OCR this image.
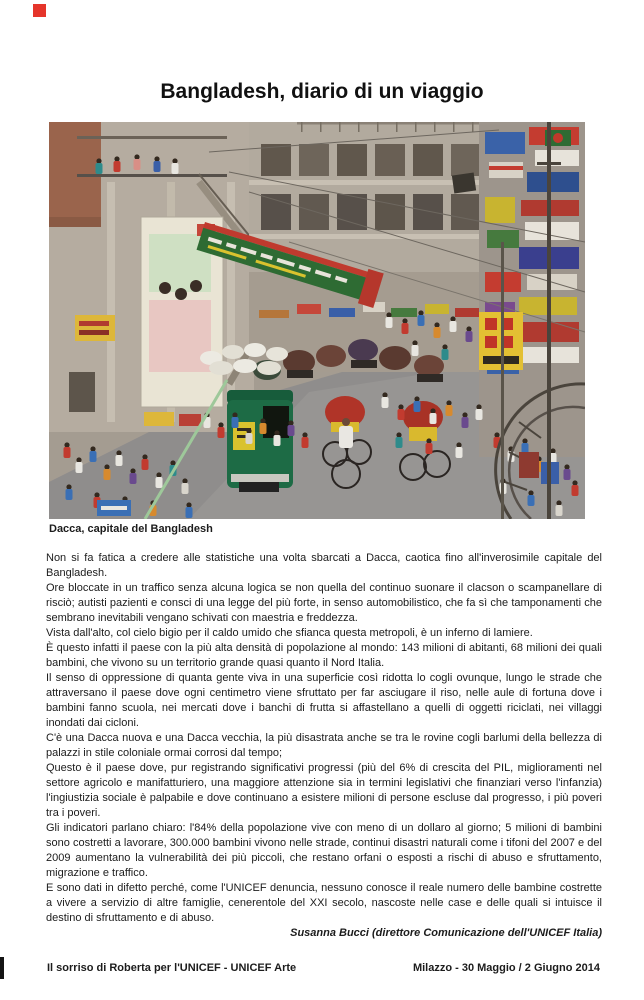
Bangladesh, diario di un viaggio
Dacca, capitale del Bangladesh

Non si fa fatica a credere alle statistiche una volta sbarcati a Dacca, caotica fino all'inverosimile capitale del Bangladesh.

Ore bloccate in un traffico senza alcuna logica se non quella del continuo suonare il clacson o scampanellare di risciò; autisti pazienti e consci di una legge del più forte, in senso automobilistico, che fa sì che tamponamenti che sembrano inevitabili vengano schivati con maestria e freddezza.

Vista dall'alto, col cielo bigio per il caldo umido che sfianca questa metropoli, è un inferno di lamiere.

È questo infatti il paese con la più alta densità di popolazione al mondo: 143 milioni di abitanti, 68 milioni dei quali bambini, che vivono su un territorio grande quasi quanto il Nord Italia.

Il senso di oppressione di quanta gente viva in una superficie così ridotta lo cogli ovunque, lungo le strade che attraversano il paese dove ogni centimetro viene sfruttato per far asciugare il riso, nelle aule di fortuna dove i bambini fanno scuola, nei mercati dove i banchi di frutta si affastellano a quelli di oggetti riciclati, nei villaggi inondati dai cicloni.

C'è una Dacca nuova e una Dacca vecchia, la più disastrata anche se tra le rovine cogli barlumi della bellezza di palazzi in stile coloniale ormai corrosi dal tempo;

Questo è il paese dove, pur registrando significativi progressi (più del 6% di crescita del PIL, miglioramenti nel settore agricolo e manifatturiero, una maggiore attenzione sia in termini legislativi che finanziari verso l'infanzia) l'ingiustizia sociale è palpabile e dove continuano a esistere milioni di persone escluse dal progresso, i più poveri tra i poveri.

Gli indicatori parlano chiaro: l'84% della popolazione vive con meno di un dollaro al giorno; 5 milioni di bambini sono costretti a lavorare, 300.000 bambini vivono nelle strade, continui disastri naturali come i tifoni del 2007 e del 2009 aumentano la vulnerabilità dei più piccoli, che restano orfani o esposti a rischi di abuso e sfruttamento, migrazione e traffico.

E sono dati in difetto perché, come l'UNICEF denuncia, nessuno conosce il reale numero delle bambine costrette a vivere a servizio di altre famiglie, cenerentole del XXI secolo, nascoste nelle case e delle quali si intuisce il destino di sfruttamento e di abuso.

Susanna Bucci (direttore Comunicazione dell'UNICEF Italia)

Il sorriso di Roberta per l'UNICEF - UNICEF Arte	Milazzo - 30 Maggio / 2 Giugno 2014
